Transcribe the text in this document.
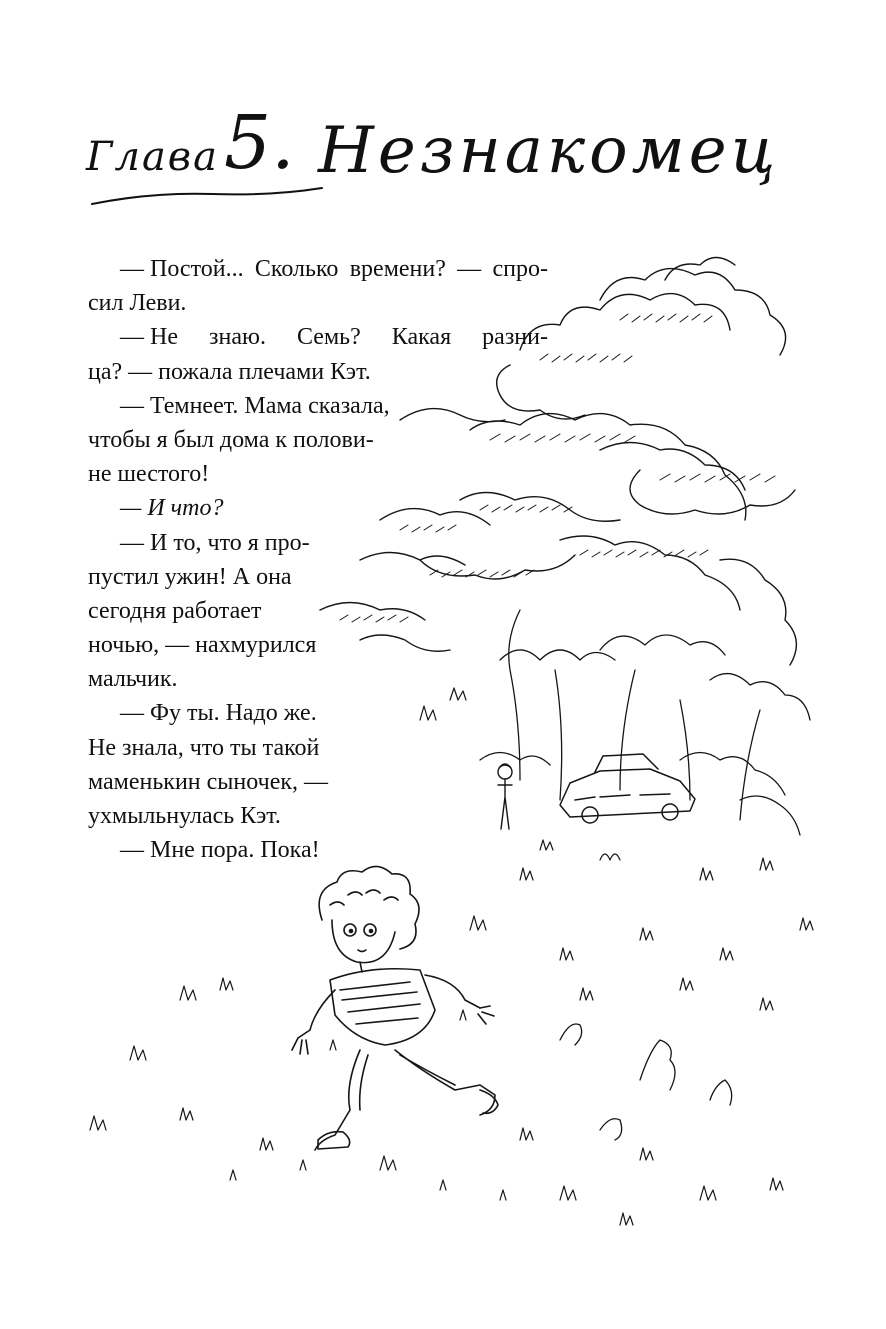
Глава 5. Незнакомец
— Постой... Сколько времени? — спро-
сил Леви.
— Не знаю. Семь? Какая разни-
ца? — пожала плечами Кэт.
— Темнеет. Мама сказала,
чтобы я был дома к полови-
не шестого!
— И что?
— И то, что я про-
пустил ужин! А она
сегодня работает
ночью, — нахмурился
мальчик.
— Фу ты. Надо же.
Не знала, что ты такой
маменькин сыночек, —
ухмыльнулась Кэт.
— Мне пора. Пока!
